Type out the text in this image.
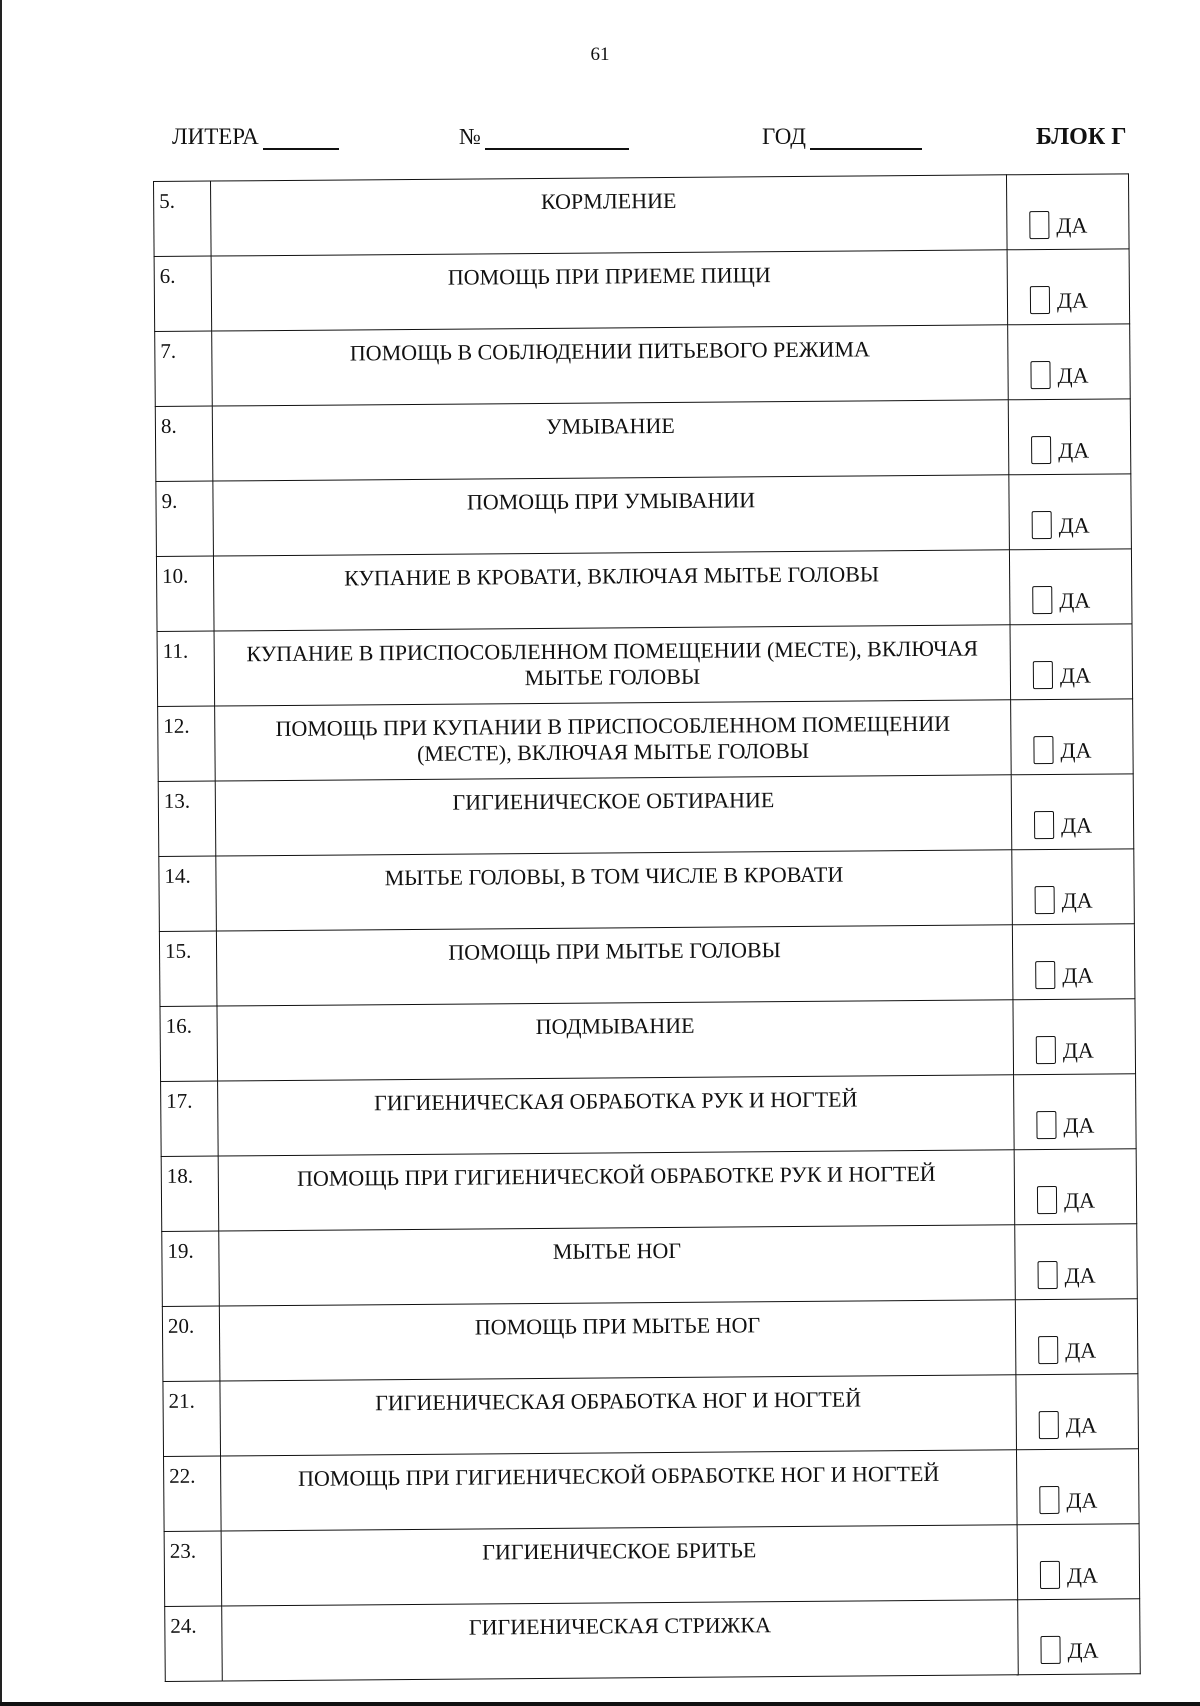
61
ЛИТЕРА	№	ГОД	БЛОК Г
5.	КОРМЛЕНИЕ	ДА
6.	ПОМОЩЬ ПРИ ПРИЕМЕ ПИЩИ	ДА
7.	ПОМОЩЬ В СОБЛЮДЕНИИ ПИТЬЕВОГО РЕЖИМА	ДА
8.	УМЫВАНИЕ	ДА
9.	ПОМОЩЬ ПРИ УМЫВАНИИ	ДА
10.	КУПАНИЕ В КРОВАТИ, ВКЛЮЧАЯ МЫТЬЕ ГОЛОВЫ	ДА
11.	КУПАНИЕ В ПРИСПОСОБЛЕННОМ ПОМЕЩЕНИИ (МЕСТЕ), ВКЛЮЧАЯ МЫТЬЕ ГОЛОВЫ	ДА
12.	ПОМОЩЬ ПРИ КУПАНИИ В ПРИСПОСОБЛЕННОМ ПОМЕЩЕНИИ (МЕСТЕ), ВКЛЮЧАЯ МЫТЬЕ ГОЛОВЫ	ДА
13.	ГИГИЕНИЧЕСКОЕ ОБТИРАНИЕ	ДА
14.	МЫТЬЕ ГОЛОВЫ, В ТОМ ЧИСЛЕ В КРОВАТИ	ДА
15.	ПОМОЩЬ ПРИ МЫТЬЕ ГОЛОВЫ	ДА
16.	ПОДМЫВАНИЕ	ДА
17.	ГИГИЕНИЧЕСКАЯ ОБРАБОТКА РУК И НОГТЕЙ	ДА
18.	ПОМОЩЬ ПРИ ГИГИЕНИЧЕСКОЙ ОБРАБОТКЕ РУК И НОГТЕЙ	ДА
19.	МЫТЬЕ НОГ	ДА
20.	ПОМОЩЬ ПРИ МЫТЬЕ НОГ	ДА
21.	ГИГИЕНИЧЕСКАЯ ОБРАБОТКА НОГ И НОГТЕЙ	ДА
22.	ПОМОЩЬ ПРИ ГИГИЕНИЧЕСКОЙ ОБРАБОТКЕ НОГ И НОГТЕЙ	ДА
23.	ГИГИЕНИЧЕСКОЕ БРИТЬЕ	ДА
24.	ГИГИЕНИЧЕСКАЯ СТРИЖКА	ДА
